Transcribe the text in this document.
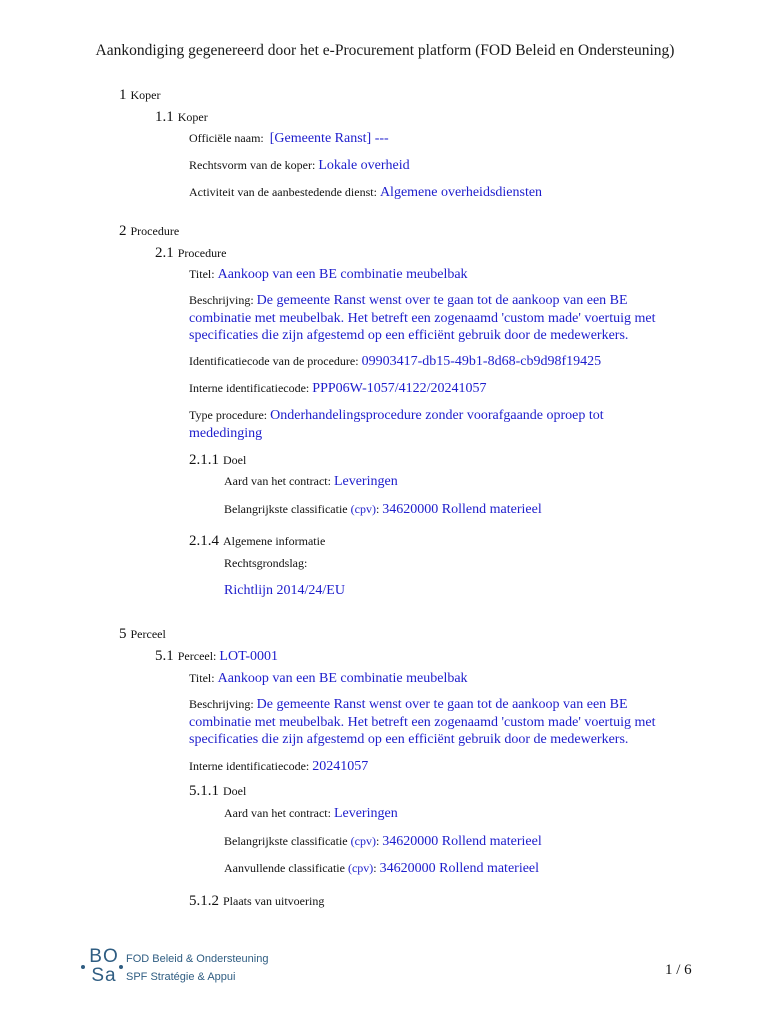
Aankondiging gegenereerd door het e-Procurement platform (FOD Beleid en Ondersteuning)
1 Koper
1.1 Koper
Officiële naam: [Gemeente Ranst] ---
Rechtsvorm van de koper: Lokale overheid
Activiteit van de aanbestedende dienst: Algemene overheidsdiensten
2 Procedure
2.1 Procedure
Titel: Aankoop van een BE combinatie meubelbak
Beschrijving: De gemeente Ranst wenst over te gaan tot de aankoop van een BE combinatie met meubelbak. Het betreft een zogenaamd 'custom made' voertuig met specificaties die zijn afgestemd op een efficiënt gebruik door de medewerkers.
Identificatiecode van de procedure: 09903417-db15-49b1-8d68-cb9d98f19425
Interne identificatiecode: PPP06W-1057/4122/20241057
Type procedure: Onderhandelingsprocedure zonder voorafgaande oproep tot mededinging
2.1.1 Doel
Aard van het contract: Leveringen
Belangrijkste classificatie (cpv): 34620000 Rollend materieel
2.1.4 Algemene informatie
Rechtsgrondslag:
Richtlijn 2014/24/EU
5 Perceel
5.1 Perceel: LOT-0001
Titel: Aankoop van een BE combinatie meubelbak
Beschrijving: De gemeente Ranst wenst over te gaan tot de aankoop van een BE combinatie met meubelbak. Het betreft een zogenaamd 'custom made' voertuig met specificaties die zijn afgestemd op een efficiënt gebruik door de medewerkers.
Interne identificatiecode: 20241057
5.1.1 Doel
Aard van het contract: Leveringen
Belangrijkste classificatie (cpv): 34620000 Rollend materieel
Aanvullende classificatie (cpv): 34620000 Rollend materieel
5.1.2 Plaats van uitvoering
BO
Sa
FOD Beleid & Ondersteuning
SPF Stratégie & Appui	1 / 6
